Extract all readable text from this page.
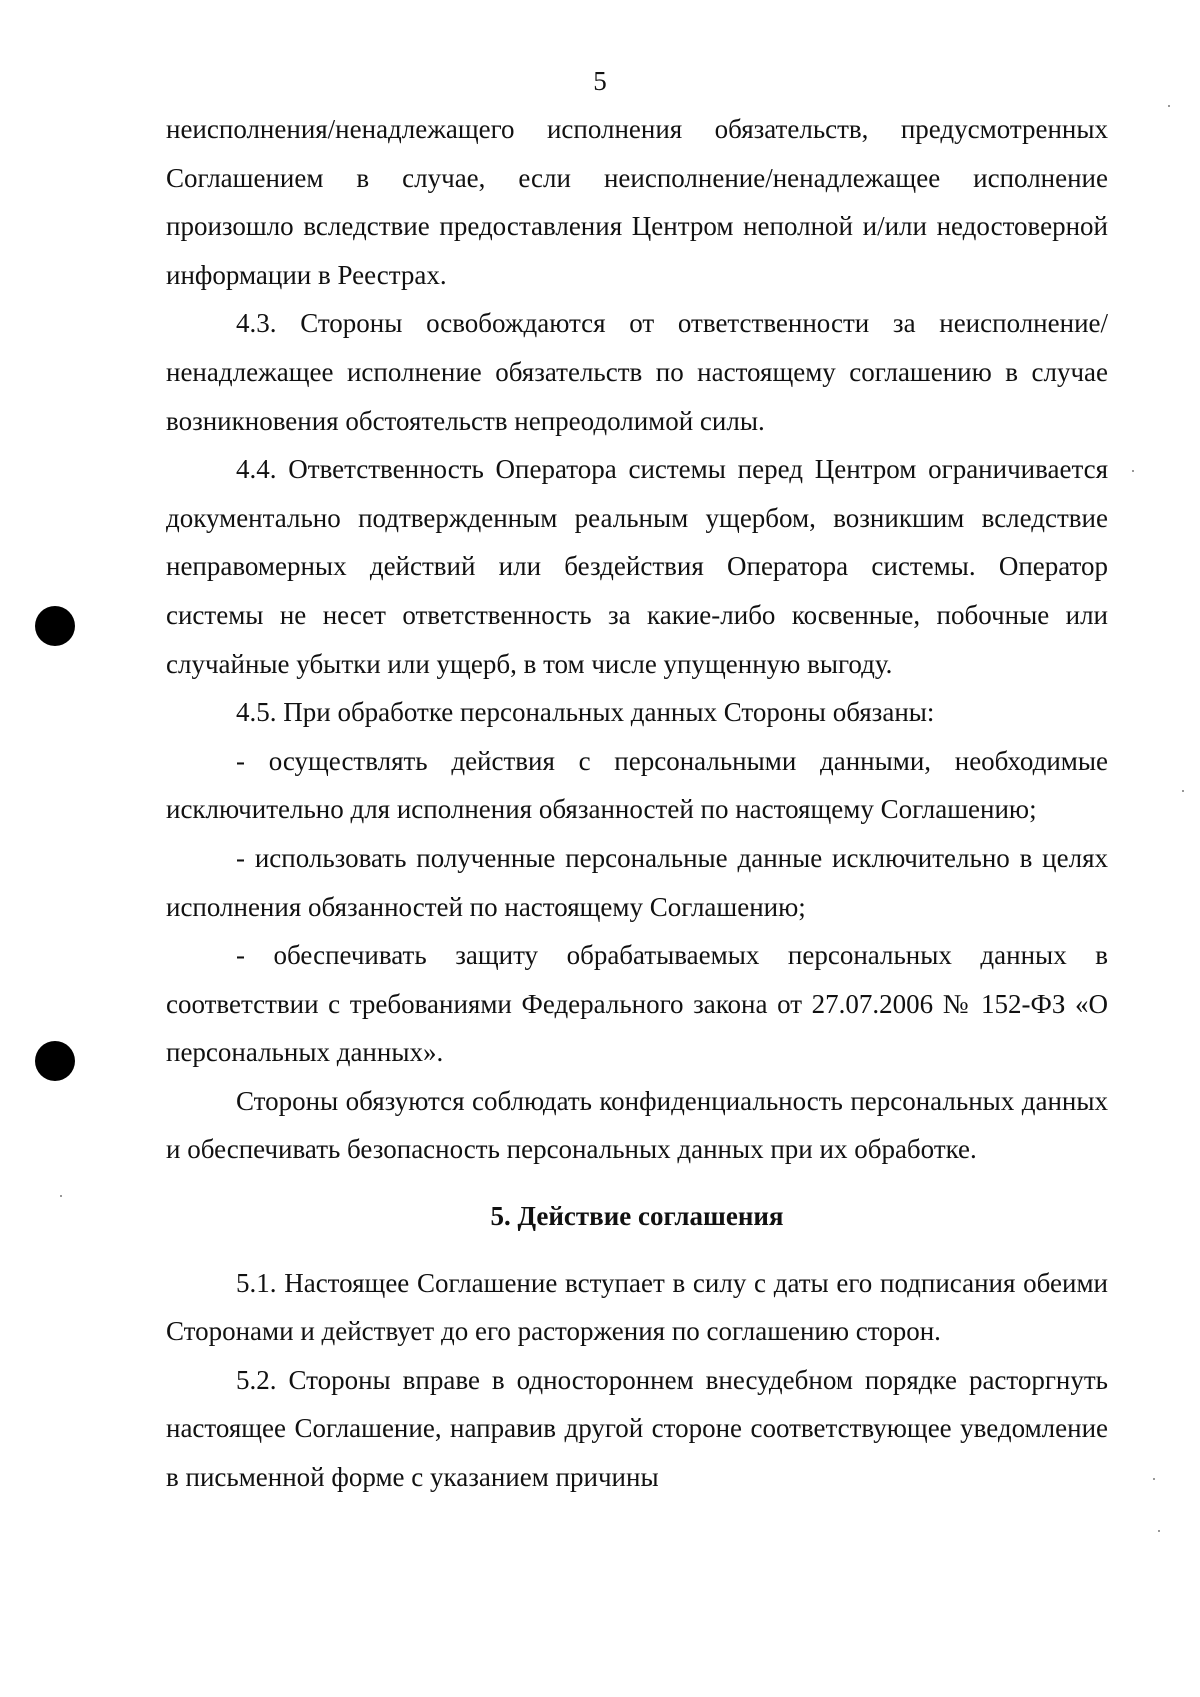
5

неисполнения/ненадлежащего исполнения обязательств, предусмотренных Соглашением в случае, если неисполнение/ненадлежащее исполнение произошло вследствие предоставления Центром неполной и/или недостоверной информации в Реестрах.

4.3. Стороны освобождаются от ответственности за неисполнение/ненадлежащее исполнение обязательств по настоящему соглашению в случае возникновения обстоятельств непреодолимой силы.

4.4. Ответственность Оператора системы перед Центром ограничивается документально подтвержденным реальным ущербом, возникшим вследствие неправомерных действий или бездействия Оператора системы. Оператор системы не несет ответственность за какие-либо косвенные, побочные или случайные убытки или ущерб, в том числе упущенную выгоду.

4.5. При обработке персональных данных Стороны обязаны:

- осуществлять действия с персональными данными, необходимые исключительно для исполнения обязанностей по настоящему Соглашению;

- использовать полученные персональные данные исключительно в целях исполнения обязанностей по настоящему Соглашению;

- обеспечивать защиту обрабатываемых персональных данных в соответствии с требованиями Федерального закона от 27.07.2006 № 152-ФЗ «О персональных данных».

Стороны обязуются соблюдать конфиденциальность персональных данных и обеспечивать безопасность персональных данных при их обработке.

5. Действие соглашения

5.1. Настоящее Соглашение вступает в силу с даты его подписания обеими Сторонами и действует до его расторжения по соглашению сторон.

5.2. Стороны вправе в одностороннем внесудебном порядке расторгнуть настоящее Соглашение, направив другой стороне соответствующее уведомление в письменной форме с указанием причины
